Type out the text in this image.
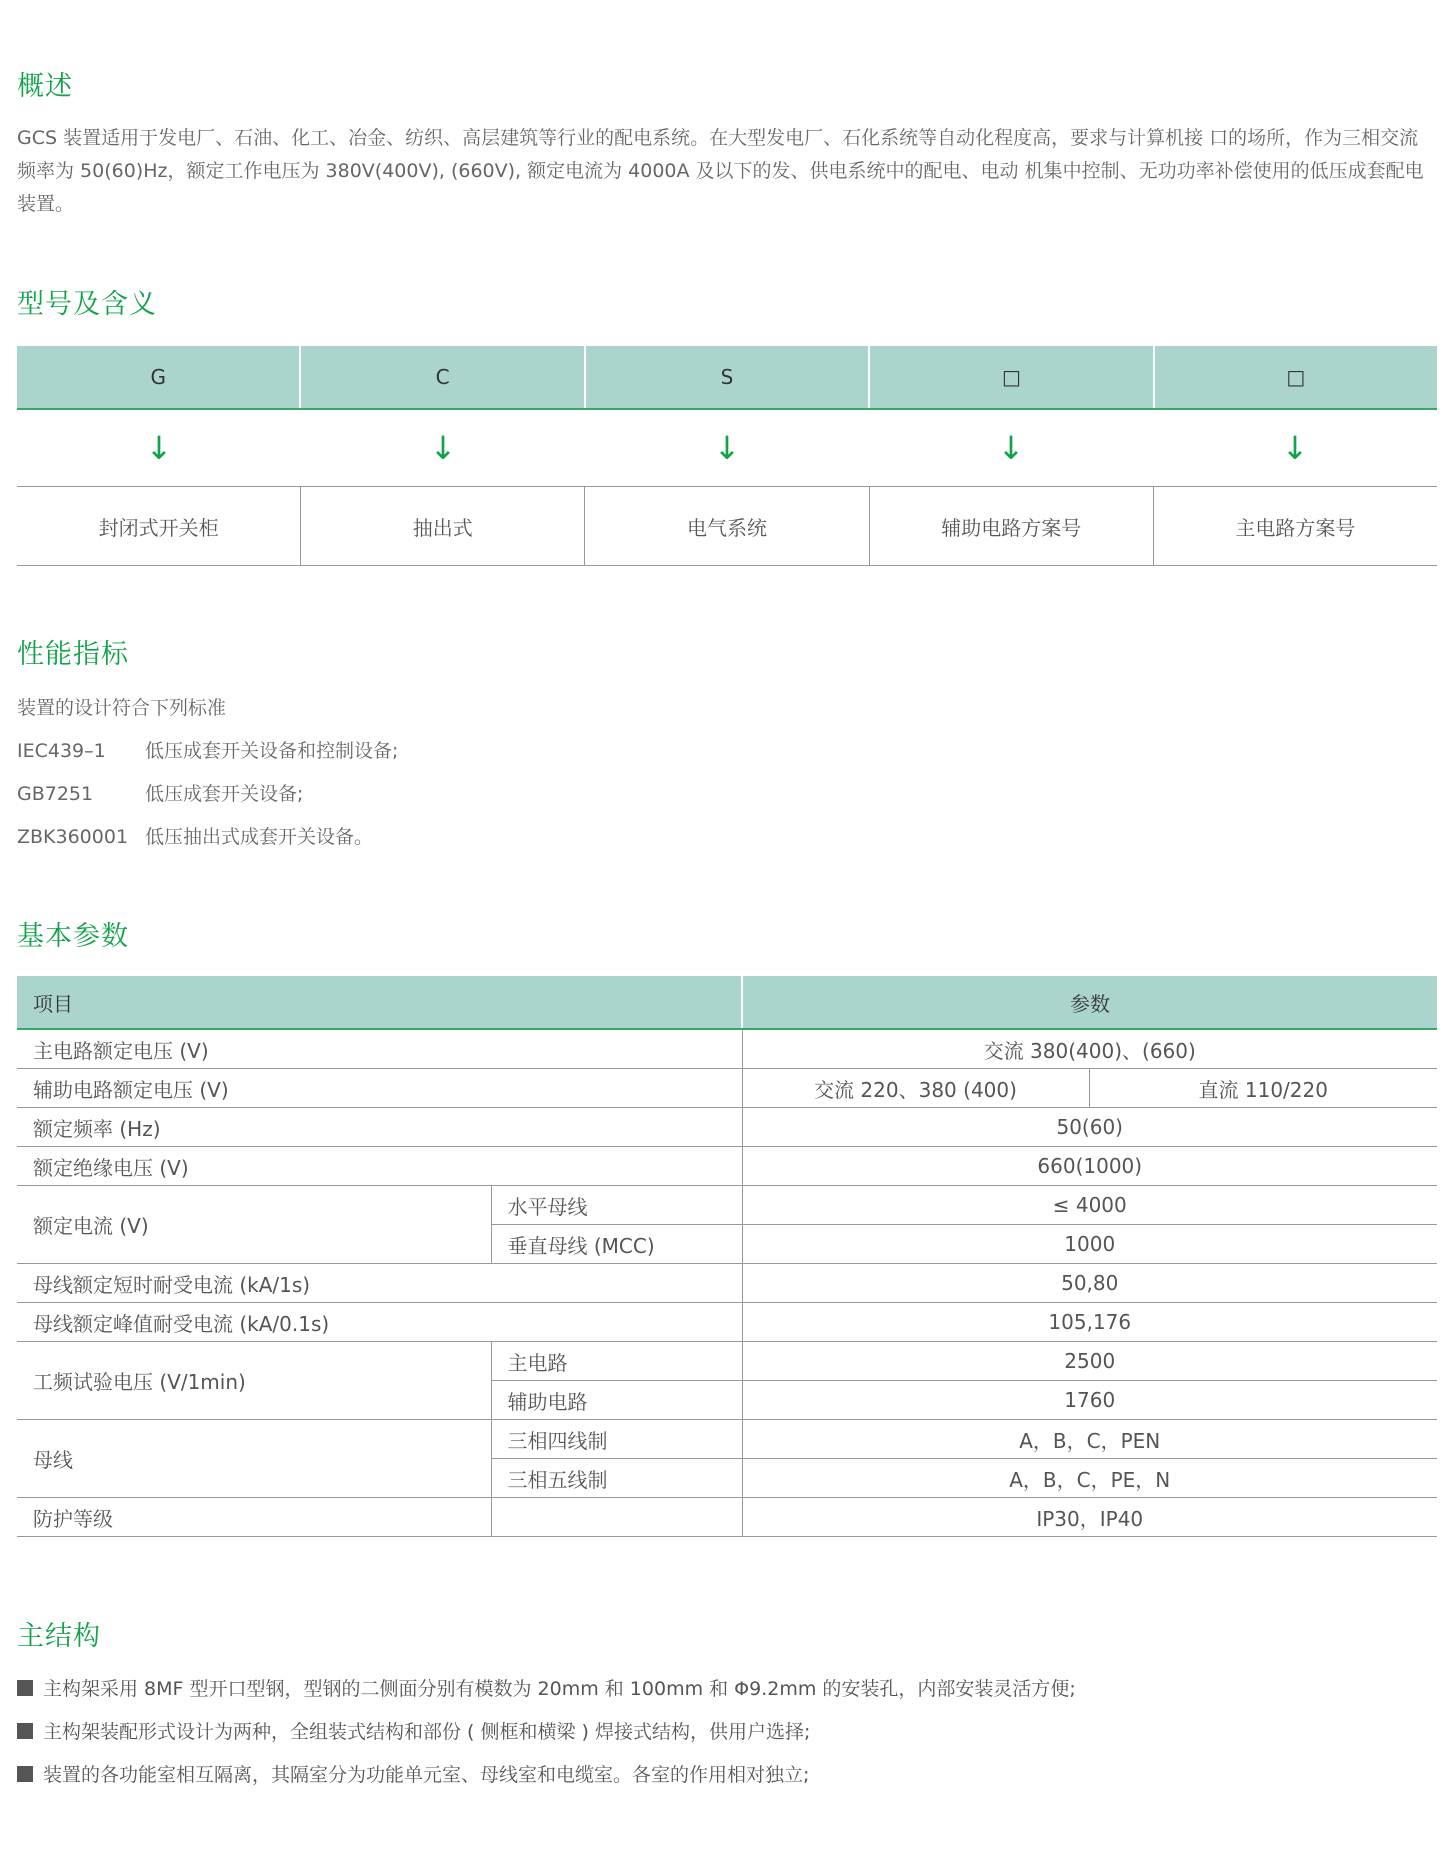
概述

GCS 装置适用于发电厂、石油、化工、冶金、纺织、高层建筑等行业的配电系统。在大型发电厂、石化系统等自动化程度高，要求与计算机接 口的场所，作为三相交流频率为 50(60)Hz，额定工作电压为 380V(400V), (660V), 额定电流为 4000A 及以下的发、供电系统中的配电、电动 机集中控制、无功功率补偿使用的低压成套配电装置。

型号及含义
G	C	S	□	□
↓	↓	↓	↓	↓
封闭式开关柜	抽出式	电气系统	辅助电路方案号	主电路方案号
性能指标
装置的设计符合下列标准
IEC439–1 低压成套开关设备和控制设备;
GB7251	低压成套开关设备;
ZBK360001 低压抽出式成套开关设备。
基本参数
项目		参数	
主电路额定电压 (V)		交流 380(400)、(660)	
辅助电路额定电压 (V)		交流 220、380 (400)	直流 110/220
额定频率 (Hz)		50(60)	
额定绝缘电压 (V)		660(1000)	
额定电流 (V)	水平母线	≤ 4000	
	垂直母线 (MCC)	1000	
母线额定短时耐受电流 (kA/1s)		50,80	
母线额定峰值耐受电流 (kA/0.1s)		105,176	
工频试验电压 (V/1min)	主电路	2500	
	辅助电路	1760	
母线	三相四线制	A，B，C，PEN	
	三相五线制	A，B，C，PE，N	
防护等级		IP30，IP40	
主结构
主构架采用 8MF 型开口型钢，型钢的二侧面分别有模数为 20mm 和 100mm 和 Φ9.2mm 的安装孔，内部安装灵活方便;
主构架装配形式设计为两种，全组装式结构和部份 ( 侧框和横梁 ) 焊接式结构，供用户选择;
装置的各功能室相互隔离，其隔室分为功能单元室、母线室和电缆室。各室的作用相对独立;
